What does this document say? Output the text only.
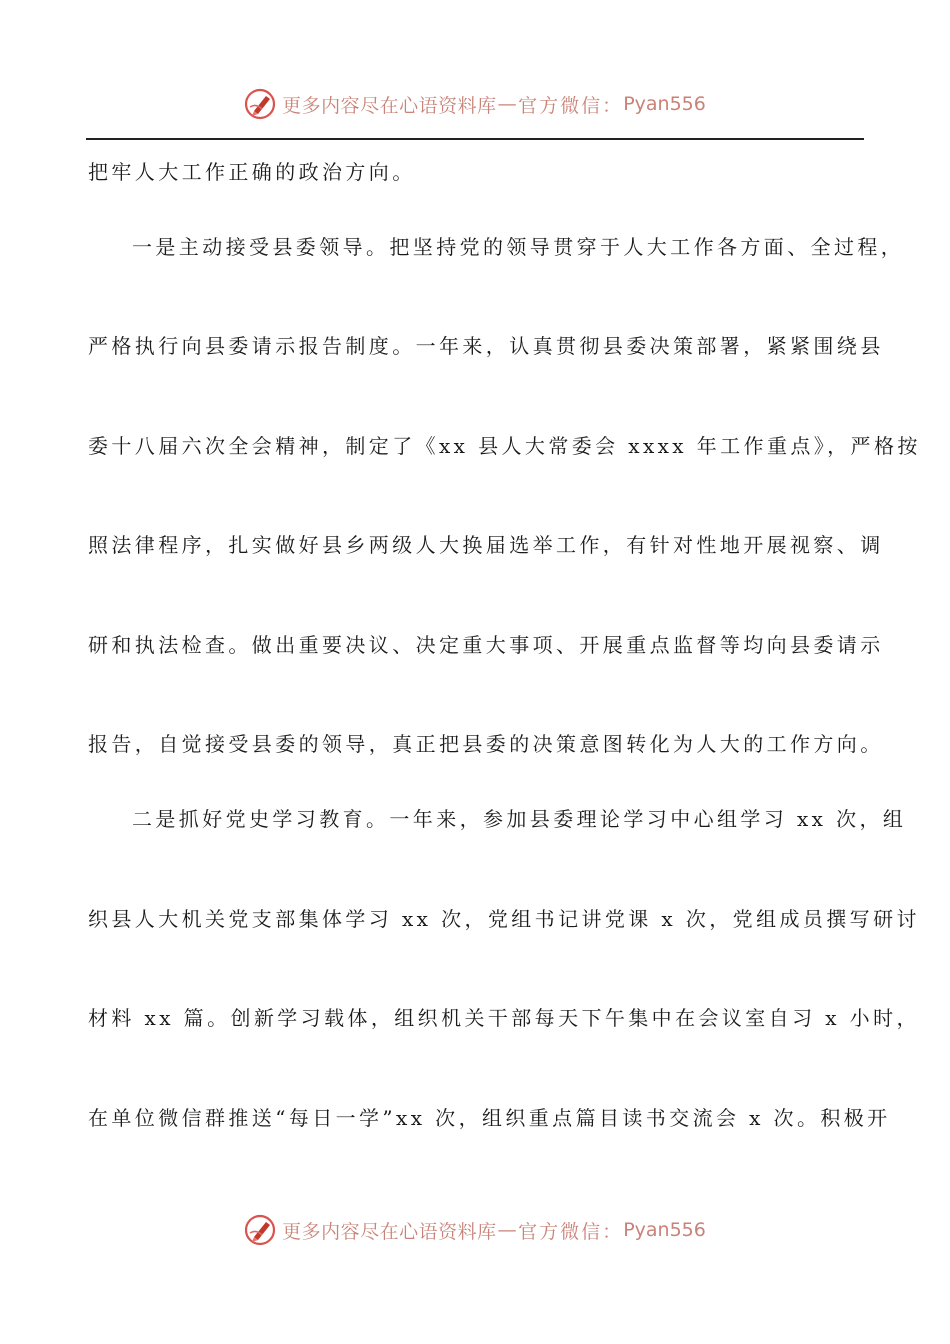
更多内容尽在心语资料库 — 官方微信： Pyan556
把牢人大工作正确的政治方向。
一是主动接受县委领导。把坚持党的领导贯穿于人大工作各方面、全过程，
严格执行向县委请示报告制度。一年来，认真贯彻县委决策部署，紧紧围绕县
委十八届六次全会精神，制定了《xx 县人大常委会 xxxx 年工作重点》，严格按
照法律程序，扎实做好县乡两级人大换届选举工作，有针对性地开展视察、调
研和执法检查。做出重要决议、决定重大事项、开展重点监督等均向县委请示
报告，自觉接受县委的领导，真正把县委的决策意图转化为人大的工作方向。
二是抓好党史学习教育。一年来，参加县委理论学习中心组学习 xx 次，组
织县人大机关党支部集体学习 xx 次，党组书记讲党课 x 次，党组成员撰写研讨
材料 xx 篇。创新学习载体，组织机关干部每天下午集中在会议室自习 x 小时，
在单位微信群推送“每日一学”xx 次，组织重点篇目读书交流会 x 次。积极开
更多内容尽在心语资料库 — 官方微信： Pyan556
